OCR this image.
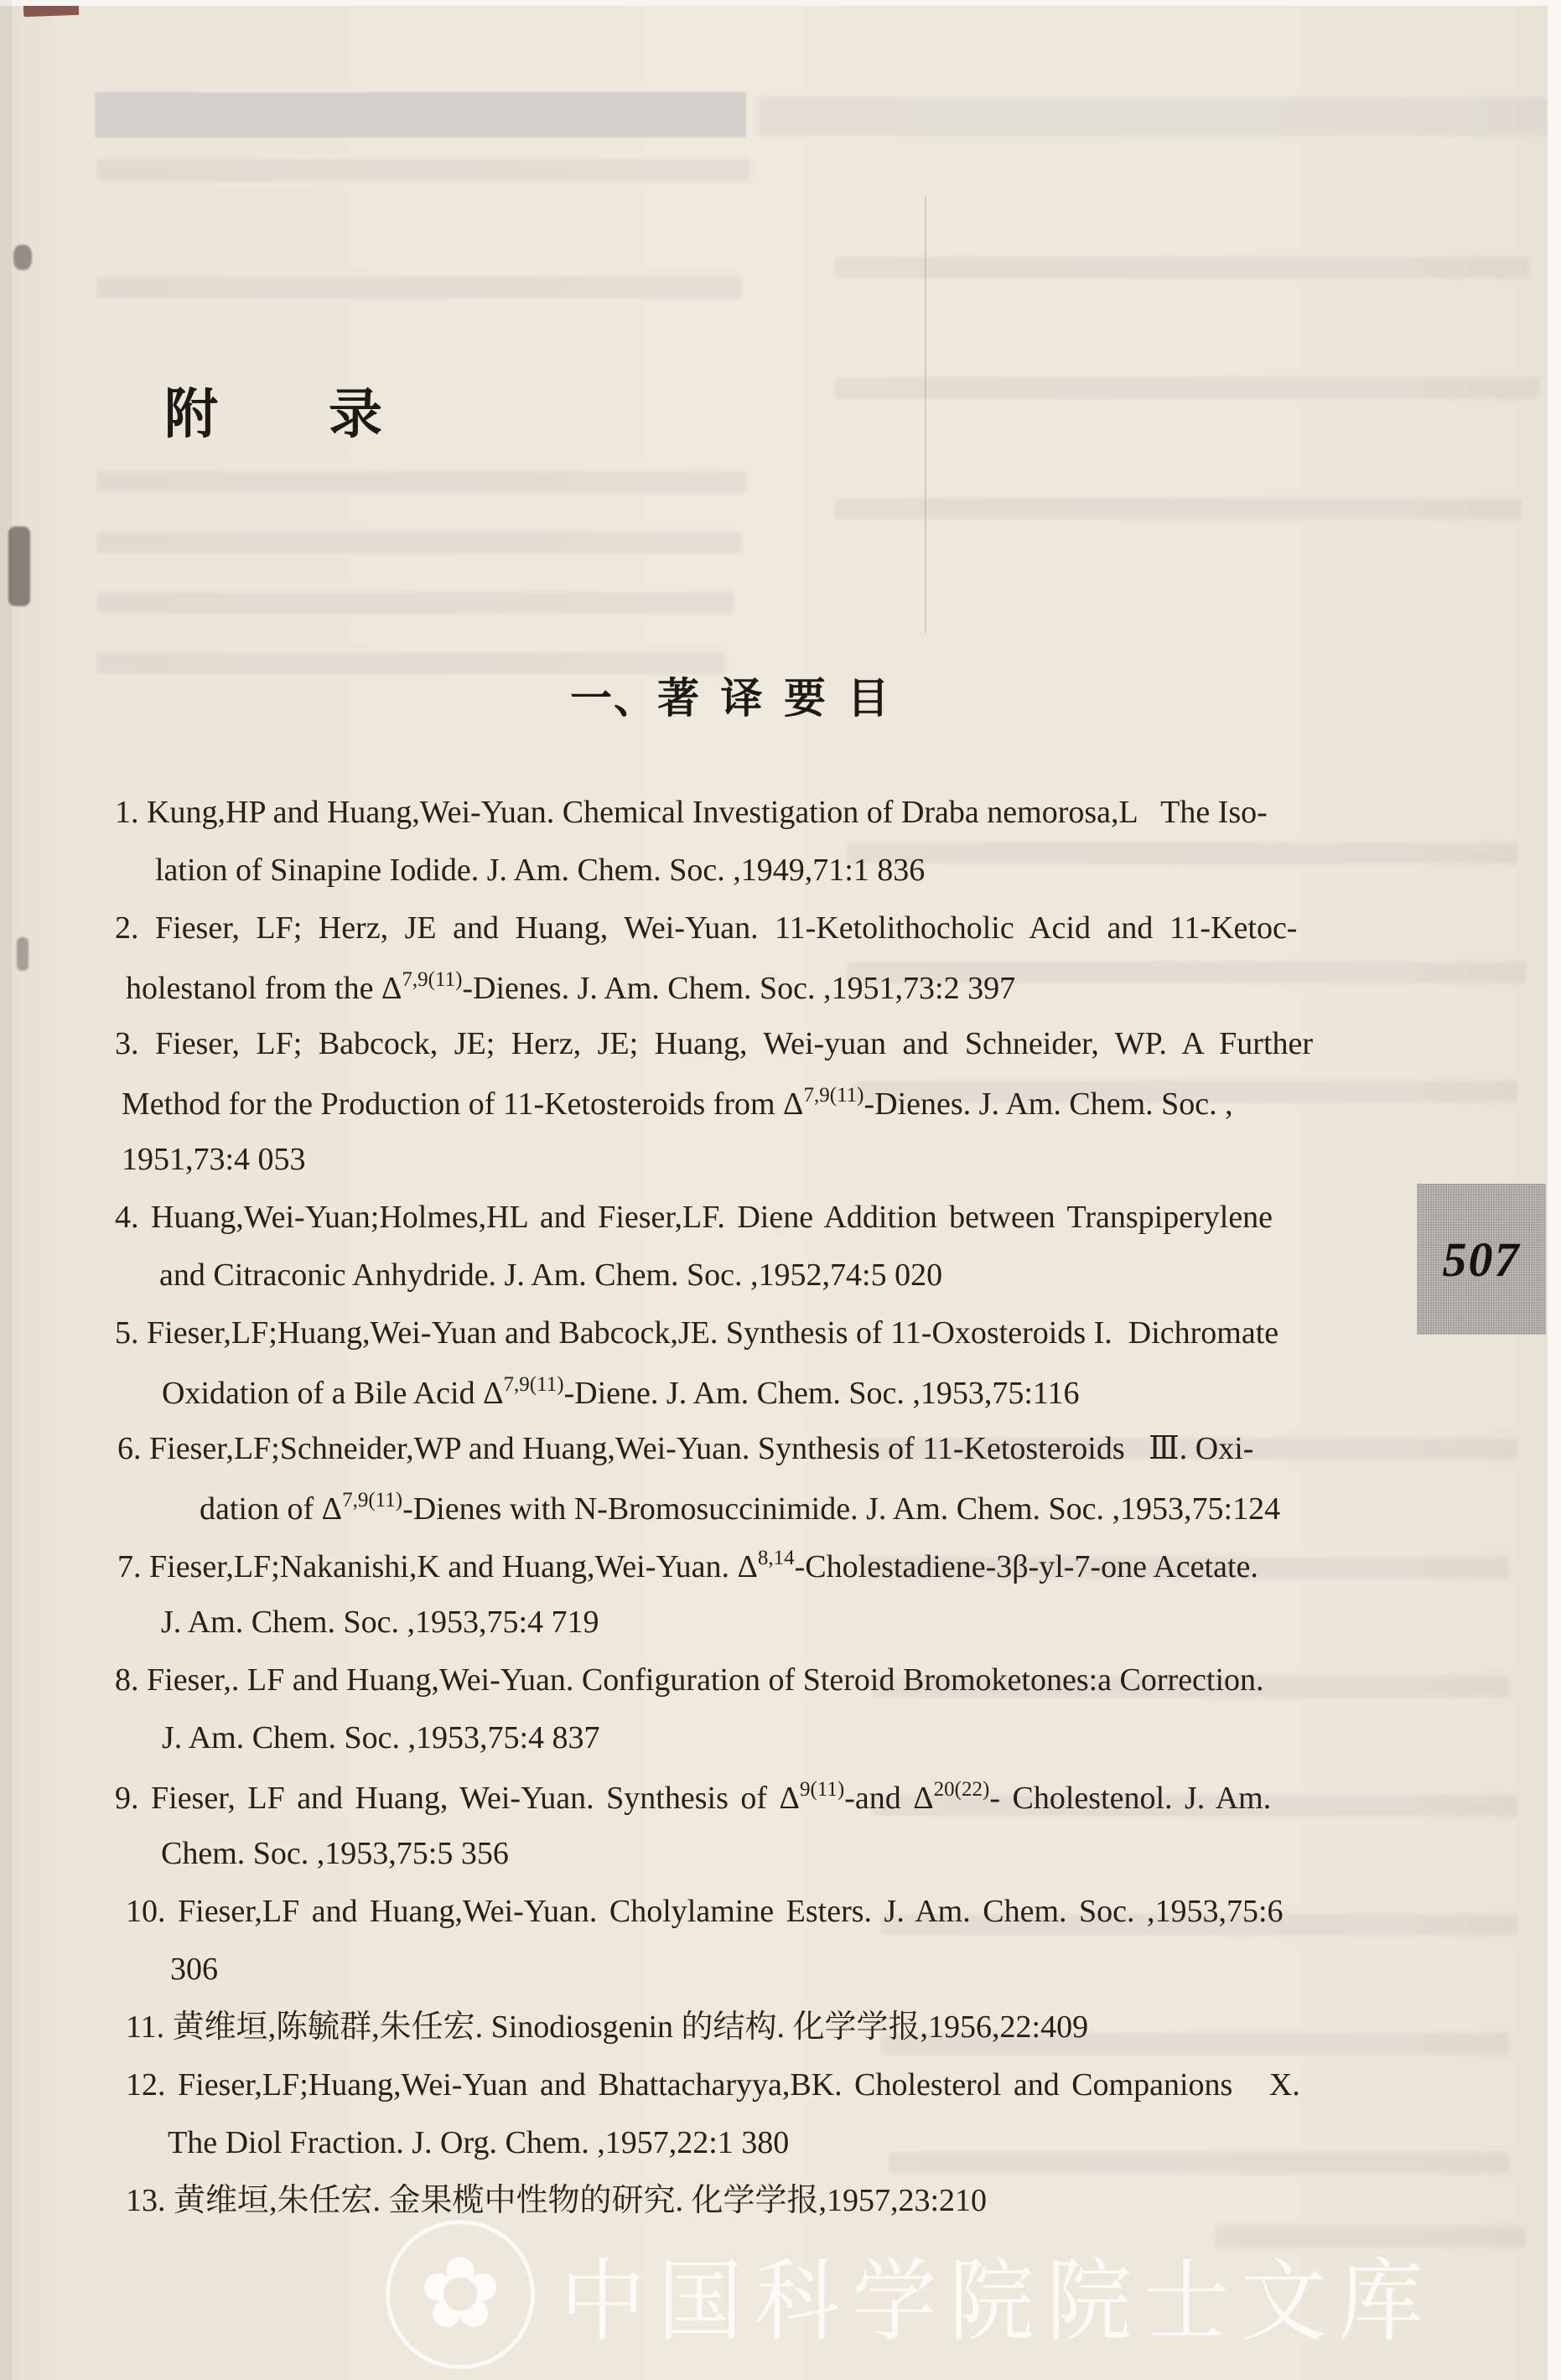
附 录
一、著 译 要 目
1. Kung,HP and Huang,Wei-Yuan. Chemical Investigation of Draba nemorosa,L   The Iso-
lation of Sinapine Iodide. J. Am. Chem. Soc. ,1949,71:1 836
2. Fieser, LF; Herz, JE and Huang, Wei-Yuan. 11-Ketolithocholic Acid and 11-Ketoc-
holestanol from the $\Delta^{7,9(11)}$-Dienes. J. Am. Chem. Soc. ,1951,73:2 397
3. Fieser, LF; Babcock, JE; Herz, JE; Huang, Wei-yuan and Schneider, WP. A Further
Method for the Production of 11-Ketosteroids from $\Delta^{7,9(11)}$-Dienes. J. Am. Chem. Soc. ,
1951,73:4 053
4. Huang,Wei-Yuan;Holmes,HL and Fieser,LF. Diene Addition between Transpiperylene
and Citraconic Anhydride. J. Am. Chem. Soc. ,1952,74:5 020
5. Fieser,LF;Huang,Wei-Yuan and Babcock,JE. Synthesis of 11-Oxosteroids I.  Dichromate
Oxidation of a Bile Acid $\Delta^{7,9(11)}$-Diene. J. Am. Chem. Soc. ,1953,75:116
6. Fieser,LF;Schneider,WP and Huang,Wei-Yuan. Synthesis of 11-Ketosteroids   Ⅲ. Oxi-
dation of $\Delta^{7,9(11)}$-Dienes with N-Bromosuccinimide. J. Am. Chem. Soc. ,1953,75:124
7. Fieser,LF;Nakanishi,K and Huang,Wei-Yuan. Δ$^{8,14}$-Cholestadiene-3β-yl-7-one Acetate.
J. Am. Chem. Soc. ,1953,75:4 719
8. Fieser,. LF and Huang,Wei-Yuan. Configuration of Steroid Bromoketones:a Correction.
J. Am. Chem. Soc. ,1953,75:4 837
9. Fieser, LF and Huang, Wei-Yuan. Synthesis of $\Delta^{9(11)}$-and $\Delta^{20(22)}-$ Cholestenol. J. Am.
Chem. Soc. ,1953,75:5 356
10. Fieser,LF and Huang,Wei-Yuan. Cholylamine Esters. J. Am. Chem. Soc. ,1953,75:6
306
11. 黄维垣,陈毓群,朱任宏. Sinodiosgenin 的结构. 化学学报,1956,22:409
12. Fieser,LF;Huang,Wei-Yuan and Bhattacharyya,BK. Cholesterol and Companions   X.
The Diol Fraction. J. Org. Chem. ,1957,22:1 380
13. 黄维垣,朱任宏. 金果榄中性物的研究. 化学学报,1957,23:210
507
✿ 中国科学院院士文库
